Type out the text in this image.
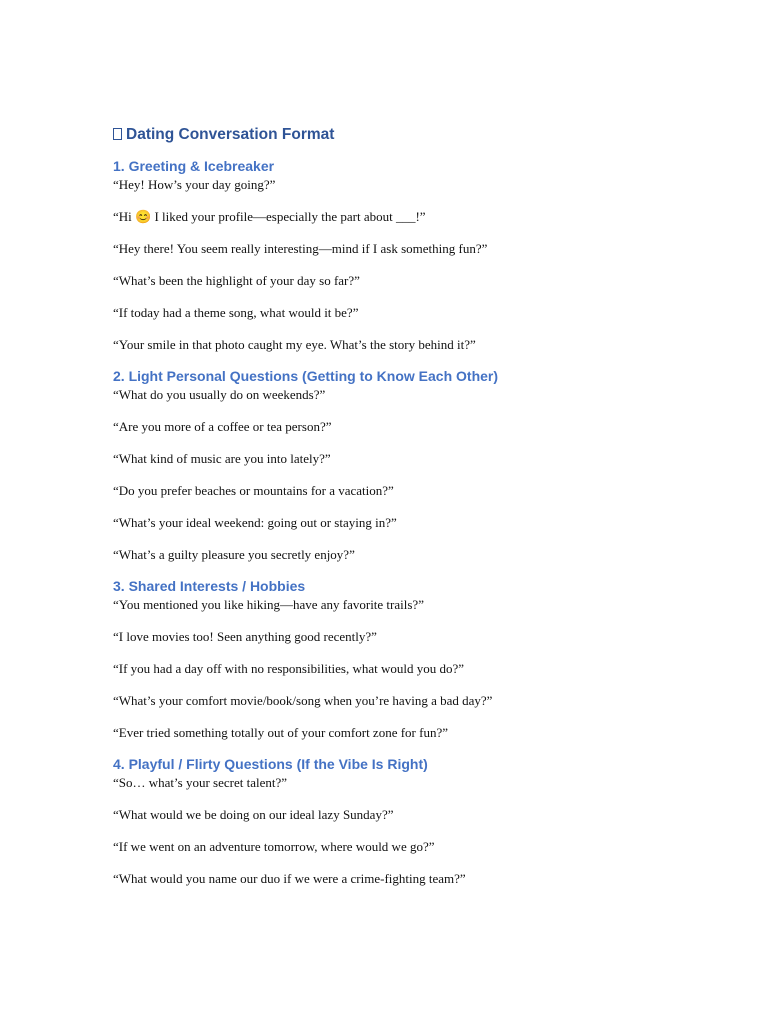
Dating Conversation Format
1. Greeting & Icebreaker

“Hey! How’s your day going?”

“Hi 😊 I liked your profile—especially the part about ___!”

“Hey there! You seem really interesting—mind if I ask something fun?”

“What’s been the highlight of your day so far?”

“If today had a theme song, what would it be?”

“Your smile in that photo caught my eye. What’s the story behind it?”

2. Light Personal Questions (Getting to Know Each Other)

“What do you usually do on weekends?”

“Are you more of a coffee or tea person?”

“What kind of music are you into lately?”

“Do you prefer beaches or mountains for a vacation?”

“What’s your ideal weekend: going out or staying in?”

“What’s a guilty pleasure you secretly enjoy?”

3. Shared Interests / Hobbies

“You mentioned you like hiking—have any favorite trails?”

“I love movies too! Seen anything good recently?”

“If you had a day off with no responsibilities, what would you do?”

“What’s your comfort movie/book/song when you’re having a bad day?”

“Ever tried something totally out of your comfort zone for fun?”

4. Playful / Flirty Questions (If the Vibe Is Right)

“So… what’s your secret talent?”

“What would we be doing on our ideal lazy Sunday?”

“If we went on an adventure tomorrow, where would we go?”

“What would you name our duo if we were a crime-fighting team?”
